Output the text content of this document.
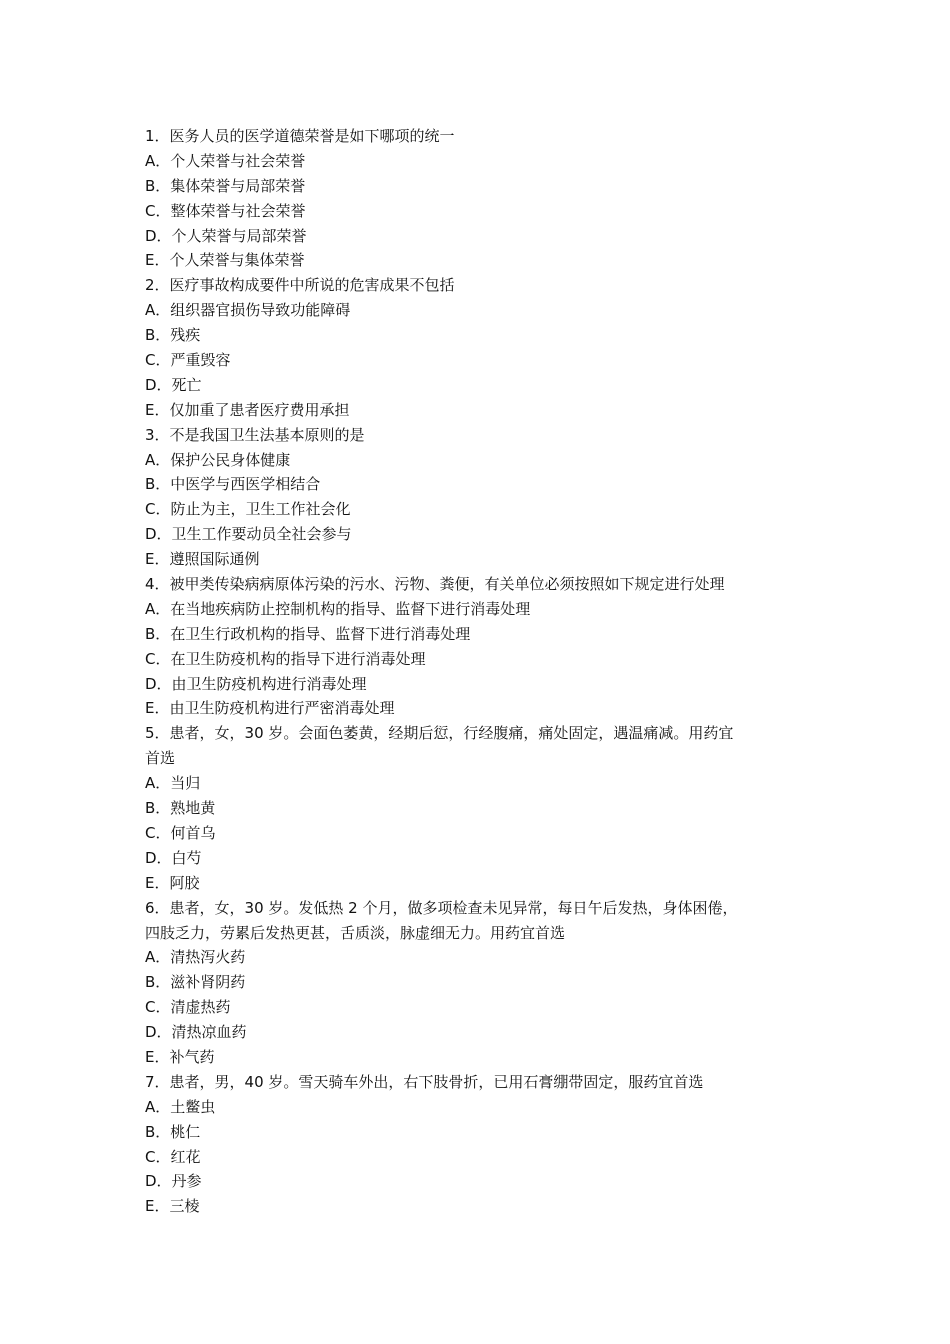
1．医务人员的医学道德荣誉是如下哪项的统一
A．个人荣誉与社会荣誉
B．集体荣誉与局部荣誉
C．整体荣誉与社会荣誉
D．个人荣誉与局部荣誉
E．个人荣誉与集体荣誉
2．医疗事故构成要件中所说的危害成果不包括
A．组织器官损伤导致功能障碍
B．残疾
C．严重毁容
D．死亡
E．仅加重了患者医疗费用承担
3．不是我国卫生法基本原则的是
A．保护公民身体健康
B．中医学与西医学相结合
C．防止为主，卫生工作社会化
D．卫生工作要动员全社会参与
E．遵照国际通例
4．被甲类传染病病原体污染的污水、污物、粪便，有关单位必须按照如下规定进行处理
A．在当地疾病防止控制机构的指导、监督下进行消毒处理
B．在卫生行政机构的指导、监督下进行消毒处理
C．在卫生防疫机构的指导下进行消毒处理
D．由卫生防疫机构进行消毒处理
E．由卫生防疫机构进行严密消毒处理
5．患者，女，30 岁。会面色萎黄，经期后愆，行经腹痛，痛处固定，遇温痛减。用药宜
首选
A．当归
B．熟地黄
C．何首乌
D．白芍
E．阿胶
6．患者，女，30 岁。发低热 2 个月，做多项检查未见异常，每日午后发热，身体困倦，
四肢乏力，劳累后发热更甚，舌质淡，脉虚细无力。用药宜首选
A．清热泻火药
B．滋补肾阴药
C．清虚热药
D．清热凉血药
E．补气药
7．患者，男，40 岁。雪天骑车外出，右下肢骨折，已用石膏绷带固定，服药宜首选
A．土鳖虫
B．桃仁
C．红花
D．丹参
E．三棱
